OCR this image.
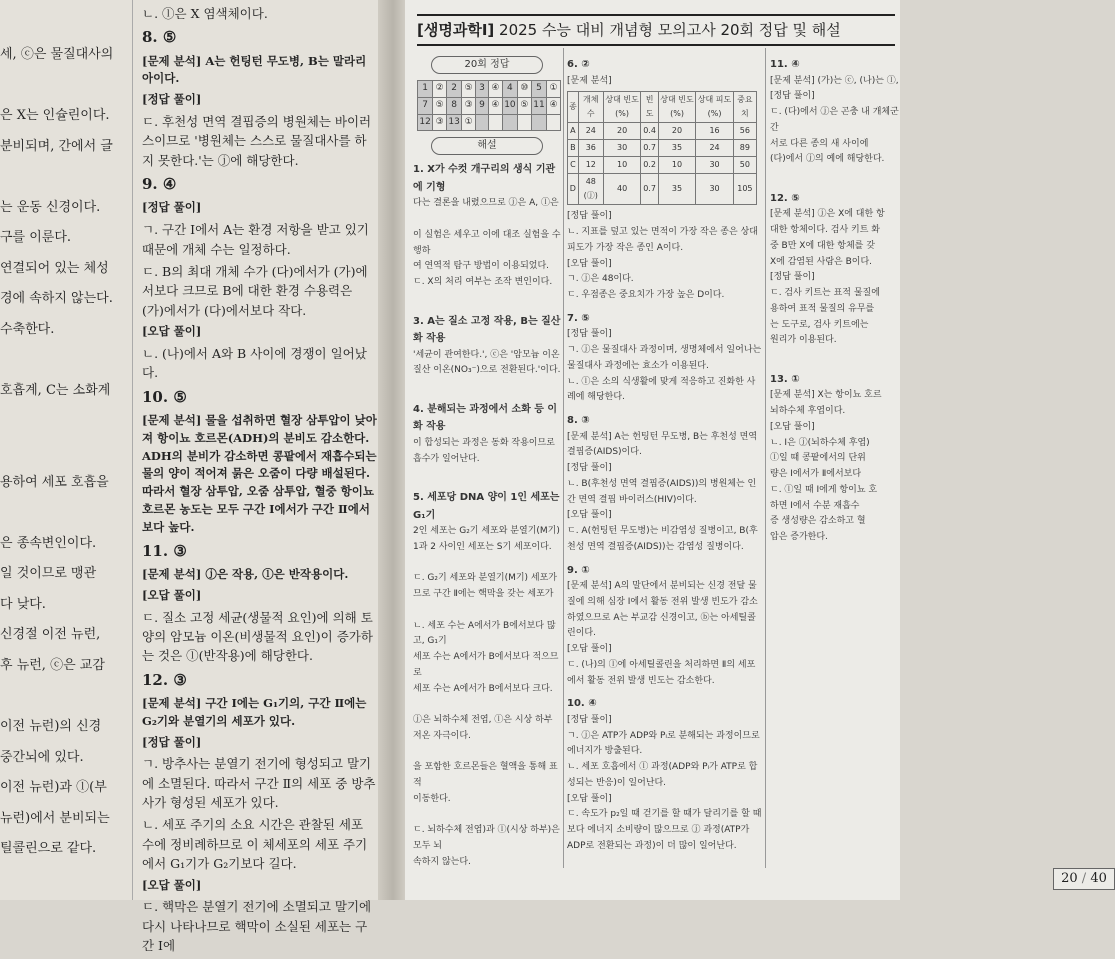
세, ⓒ은 물질대사의

은 X는 인슐린이다.
분비되며, 간에서 글

는 운동 신경이다.
구를 이룬다.
연결되어 있는 체성
경에 속하지 않는다.
수축한다.

호흡계, C는 소화계

용하여 세포 호흡을

은 종속변인이다.
일 것이므로 맹관
다 낮다.
신경절 이전 뉴런,
후 뉴런, ⓒ은 교감

이전 뉴런)의 신경
중간뇌에 있다.
이전 뉴런)과 ⓛ(부
뉴런)에서 분비되는
틸콜린으로 같다.

ㄴ. ⓛ은 X 염색체이다.

8. ⑤

[문제 분석] A는 헌팅턴 무도병, B는 말라리아이다.

[정답 풀이]

ㄷ. 후천성 면역 결핍증의 병원체는 바이러스이므로 '병원체는 스스로 물질대사를 하지 못한다.'는 ⓙ에 해당한다.

9. ④

[정답 풀이]

ㄱ. 구간 Ⅰ에서 A는 환경 저항을 받고 있기 때문에 개체 수는 일정하다.

ㄷ. B의 최대 개체 수가 (다)에서가 (가)에서보다 크므로 B에 대한 환경 수용력은 (가)에서가 (다)에서보다 작다.

[오답 풀이]

ㄴ. (나)에서 A와 B 사이에 경쟁이 일어났다.

10. ⑤

[문제 분석] 물을 섭취하면 혈장 삼투압이 낮아져 항이뇨 호르몬(ADH)의 분비도 감소한다. ADH의 분비가 감소하면 콩팥에서 재흡수되는 물의 양이 적어져 묽은 오줌이 다량 배설된다. 따라서 혈장 삼투압, 오줌 삼투압, 혈중 항이뇨 호르몬 농도는 모두 구간 Ⅰ에서가 구간 Ⅱ에서보다 높다.

11. ③

[문제 분석] ⓙ은 작용, ⓛ은 반작용이다.

[오답 풀이]

ㄷ. 질소 고정 세균(생물적 요인)에 의해 토양의 암모늄 이온(비생물적 요인)이 증가하는 것은 ⓛ(반작용)에 해당한다.

12. ③

[문제 분석] 구간 Ⅰ에는 G₁기의, 구간 Ⅱ에는 G₂기와 분열기의 세포가 있다.

[정답 풀이]

ㄱ. 방추사는 분열기 전기에 형성되고 말기에 소멸된다. 따라서 구간 Ⅱ의 세포 중 방추사가 형성된 세포가 있다.

ㄴ. 세포 주기의 소요 시간은 관찰된 세포 수에 정비례하므로 이 체세포의 세포 주기에서 G₁기가 G₂기보다 길다.

[오답 풀이]

ㄷ. 핵막은 분열기 전기에 소멸되고 말기에 다시 나타나므로 핵막이 소실된 세포는 구간 Ⅰ에

[생명과학Ⅰ] 2025 수능 대비 개념형 모의고사 20회 정답 및 해설
20회 정답
1	②	2	⑤	3	④	4	⑩	5	①
7	⑤	8	③	9	④	10	⑤	11	④
12	③	13	①						
해설
1. X가 수컷 개구리의 생식 기관에 기형
다는 결론을 내렸으므로 ⓙ은 A, ⓛ은

이 실험은 세우고 이에 대조 실험을 수행하
여 연역적 탐구 방법이 이용되었다.
ㄷ. X의 처리 여부는 조작 변인이다.

3. A는 질소 고정 작용, B는 질산화 작용
'세균이 관여한다.', ⓒ은 '암모늄 이온
질산 이온(NO₃⁻)으로 전환된다.'이다.

4. 분해되는 과정에서 소화 등 이화 작용
이 합성되는 과정은 동화 작용이므로
흡수가 일어난다.

5. 세포당 DNA 양이 1인 세포는 G₁기
2인 세포는 G₂기 세포와 분열기(M기)
1과 2 사이인 세포는 S기 세포이다.

ㄷ. G₂기 세포와 분열기(M기) 세포가
므로 구간 Ⅱ에는 핵막을 갖는 세포가

ㄴ. 세포 수는 A에서가 B에서보다 많고, G₁기
세포 수는 A에서가 B에서보다 적으므로
세포 수는 A에서가 B에서보다 크다.

ⓙ은 뇌하수체 전엽, ⓛ은 시상 하부
저온 자극이다.

을 포함한 호르몬들은 혈액을 통해 표적
이동한다.

ㄷ. 뇌하수체 전엽)과 ⓛ(시상 하부)은 모두 뇌
속하지 않는다.
6. ②
[문제 분석]
종	개체 수	상대 빈도(%)	빈도	상대 빈도(%)	상대 피도(%)	중요치
A	24	20	0.4	20	16	56
B	36	30	0.7	35	24	89
C	12	10	0.2	10	30	50
D	48 (ⓙ)	40	0.7	35	30	105
[정답 풀이]
ㄴ. 지표를 덮고 있는 면적이 가장 작은 종은 상대 피도가 가장 작은 종인 A이다.
[오답 풀이]
ㄱ. ⓙ은 48이다.
ㄷ. 우점종은 중요치가 가장 높은 D이다.
7. ⑤
[정답 풀이]
ㄱ. ⓙ은 물질대사 과정이며, 생명체에서 일어나는 물질대사 과정에는 효소가 이용된다.
ㄴ. ⓛ은 소의 식생활에 맞게 적응하고 진화한 사례에 해당한다.
8. ③
[문제 분석] A는 헌팅턴 무도병, B는 후천성 면역 결핍증(AIDS)이다.
[정답 풀이]
ㄴ. B(후천성 면역 결핍증(AIDS))의 병원체는 인간 면역 결핍 바이러스(HIV)이다.
[오답 풀이]
ㄷ. A(헌팅턴 무도병)는 비감염성 질병이고, B(후천성 면역 결핍증(AIDS))는 감염성 질병이다.
9. ①
[문제 분석] A의 말단에서 분비되는 신경 전달 물질에 의해 심장 Ⅰ에서 활동 전위 발생 빈도가 감소하였으므로 A는 부교감 신경이고, ⓑ는 아세틸콜린이다.
[오답 풀이]
ㄷ. (나)의 ⓛ에 아세틸콜린을 처리하면 Ⅱ의 세포에서 활동 전위 발생 빈도는 감소한다.
10. ④
[정답 풀이]
ㄱ. ⓙ은 ATP가 ADP와 Pᵢ로 분해되는 과정이므로 에너지가 방출된다.
ㄴ. 세포 호흡에서 ⓛ 과정(ADP와 Pᵢ가 ATP로 합성되는 반응)이 일어난다.
[오답 풀이]
ㄷ. 속도가 p₂일 때 걷기를 할 때가 달리기를 할 때보다 에너지 소비량이 많으므로 ⓙ 과정(ATP가 ADP로 전환되는 과정)이 더 많이 일어난다.
11. ④
[문제 분석] (가)는 ⓒ, (나)는 ⓛ,
[정답 풀이]
ㄷ. (다)에서 ⓙ은 곤충 내 개체군 간
서로 다른 종의 새 사이에
(다)에서 ⓙ의 예에 해당한다.

12. ⑤
[문제 분석] ⓙ은 X에 대한 항
대한 항체이다. 검사 키트 화
중 B만 X에 대한 항체를 갖
X에 감염된 사람은 B이다.
[정답 풀이]
ㄷ. 검사 키트는 표적 물질에
용하여 표적 물질의 유무를
는 도구로, 검사 키트에는
원리가 이용된다.

13. ①
[문제 분석] X는 항이뇨 호르
뇌하수체 후엽이다.
[오답 풀이]
ㄴ. Ⅰ은 ⓙ(뇌하수체 후엽)
ⓛ일 때 콩팥에서의 단위
량은 Ⅰ에서가 Ⅱ에서보다
ㄷ. ⓛ일 때 Ⅰ에게 항이뇨 호
하면 Ⅰ에서 수분 재흡수
증 생성량은 감소하고 혈
압은 증가한다.
20 / 40
